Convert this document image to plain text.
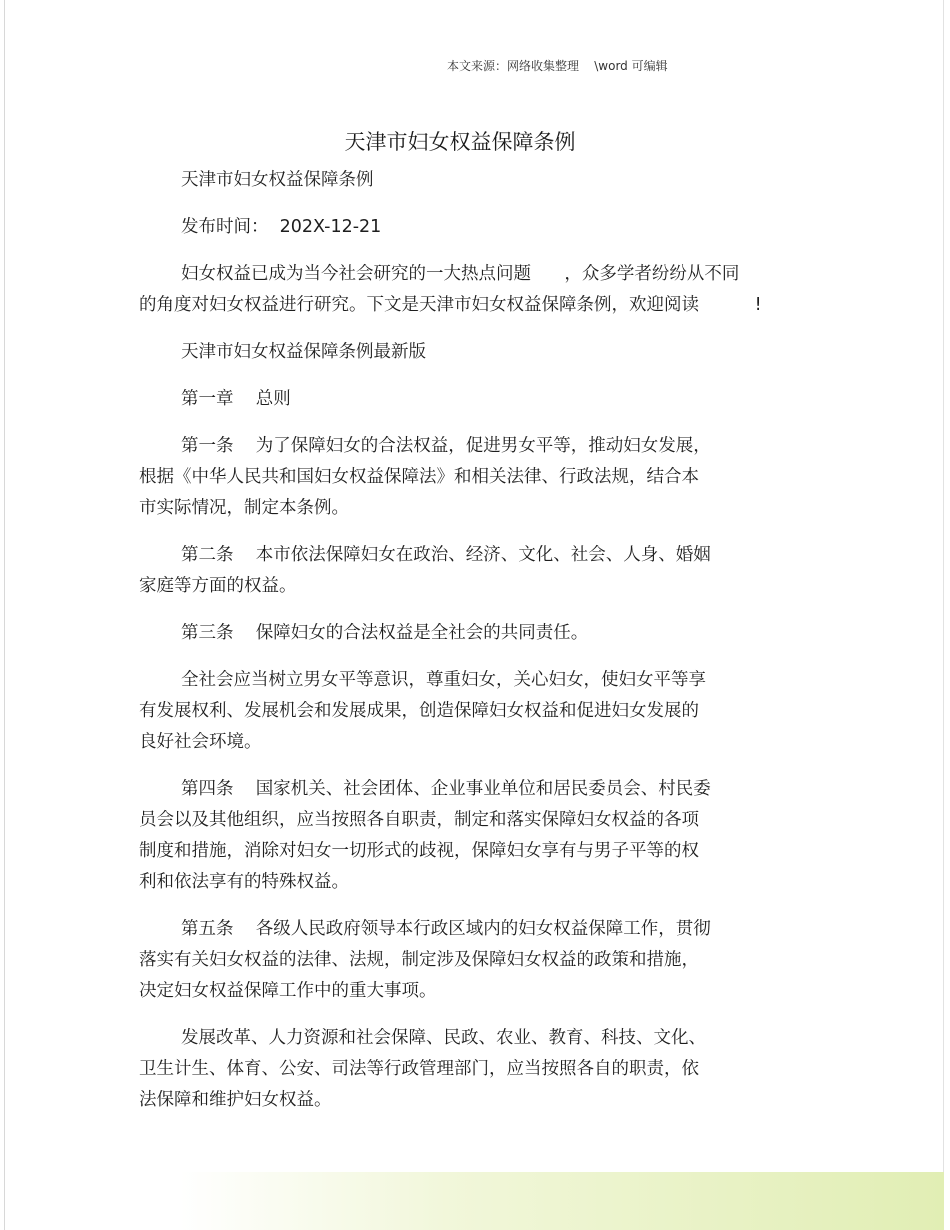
本文来源：网络收集整理    \word 可编辑
天津市妇女权益保障条例
天津市妇女权益保障条例
发布时间：  202X-12-21
妇女权益已成为当今社会研究的一大热点问题      ，众多学者纷纷从不同
的角度对妇女权益进行研究。下文是天津市妇女权益保障条例，欢迎阅读          !
天津市妇女权益保障条例最新版
第一章    总则
第一条    为了保障妇女的合法权益，促进男女平等，推动妇女发展，
根据《中华人民共和国妇女权益保障法》和相关法律、行政法规，结合本
市实际情况，制定本条例。
第二条    本市依法保障妇女在政治、经济、文化、社会、人身、婚姻
家庭等方面的权益。
第三条    保障妇女的合法权益是全社会的共同责任。
全社会应当树立男女平等意识，尊重妇女，关心妇女，使妇女平等享
有发展权利、发展机会和发展成果，创造保障妇女权益和促进妇女发展的
良好社会环境。
第四条    国家机关、社会团体、企业事业单位和居民委员会、村民委
员会以及其他组织，应当按照各自职责，制定和落实保障妇女权益的各项
制度和措施，消除对妇女一切形式的歧视，保障妇女享有与男子平等的权
利和依法享有的特殊权益。
第五条    各级人民政府领导本行政区域内的妇女权益保障工作，贯彻
落实有关妇女权益的法律、法规，制定涉及保障妇女权益的政策和措施，
决定妇女权益保障工作中的重大事项。
发展改革、人力资源和社会保障、民政、农业、教育、科技、文化、
卫生计生、体育、公安、司法等行政管理部门，应当按照各自的职责，依
法保障和维护妇女权益。
